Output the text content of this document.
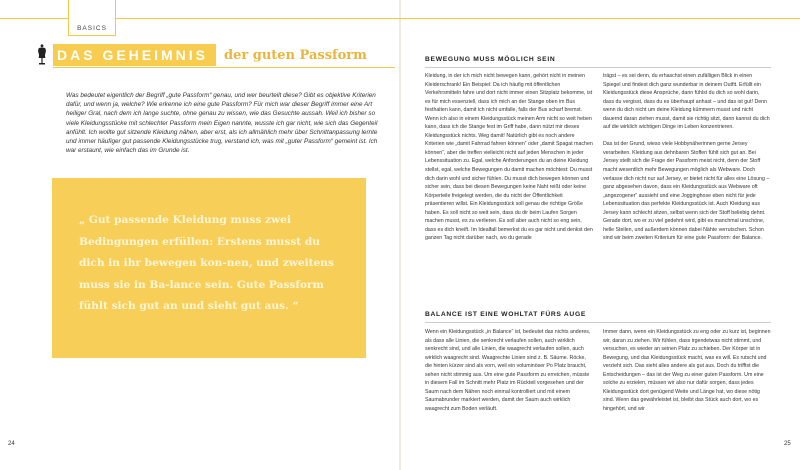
BASICS
DAS GEHEIMNIS	der guten Passform

Was bedeutet eigentlich der Begriff „gute Passform“ genau, und wer beurteilt diese? Gibt es objektive Kriterien dafür, und wenn ja, welche? Wie erkenne ich eine gute Passform? Für mich war dieser Begriff immer eine Art heiliger Gral, nach dem ich lange suchte, ohne genau zu wissen, wie das Gesuchte aussah. Weil ich bisher so viele Kleidungsstücke mit schlechter Passform mein Eigen nannte, wusste ich gar nicht, wie sich das Gegenteil anfühlt. Ich wollte gut sitzende Kleidung nähen, aber erst, als ich allmählich mehr über Schnittanpassung lernte und immer häufiger gut passende Kleidungsstücke trug, verstand ich, was mit „guter Passform“ gemeint ist. Ich war erstaunt, wie einfach das im Grunde ist.

„ Gut passende Kleidung muss zwei Bedingungen erfüllen: Erstens musst du dich in ihr bewegen kon-nen, und zweitens muss sie in Ba-lance sein. Gute Passform fühlt sich gut an und sieht gut aus. “

24	25
BEWEGUNG MUSS MÖGLICH SEIN

Kleidung, in der ich mich nicht bewegen kann, gehört nicht in meinen Kleiderschrank! Ein Beispiel: Da ich häufig mit öffentlichen Verkehrsmitteln fahre und dort nicht immer einen Sitzplatz bekomme, ist es für mich essenziell, dass ich mich an der Stange oben im Bus festhalten kann, damit ich nicht umfalle, falls der Bus scharf bremst. Wenn ich also in einem Kleidungsstück meinen Arm nicht so weit heben kann, dass ich die Stange fest im Griff habe, dann nützt mir dieses Kleidungsstück nichts. Weg damit! Natürlich gibt es noch andere Kriterien wie „damit Fahrrad fahren können“ oder „damit Spagat machen können“, aber die treffen vielleicht nicht auf jeden Menschen in jeder Lebenssituation zu. Egal, welche Anforderungen du an deine Kleidung stellst, egal, welche Bewegungen du damit machen möchtest: Du musst dich darin wohl und sicher fühlen. Du musst dich bewegen können und sicher sein, dass bei diesen Bewegungen keine Naht reißt oder keine Körperteile freigelegt werden, die du nicht der Öffentlichkeit präsentieren willst. Ein Kleidungsstück soll genau die richtige Größe haben. Es soll nicht so weit sein, dass du dir beim Laufen Sorgen machen musst, es zu verlieren. Es soll aber auch nicht so eng sein, dass es dich kneift. Im Idealfall bemerkst du es gar nicht und denkst den ganzen Tag nicht darüber nach, wo du gerade

trägst – es sei denn, du erhaschst einen zufälligen Blick in einen Spiegel und findest dich ganz wunderbar in deinem Outfit. Erfüllt ein Kleidungsstück diese Ansprüche, dann fühlst du dich so wohl darin, dass du vergisst, dass du es überhaupt anhast – und das ist gut! Denn wenn du dich nicht um deine Kleidung kümmern musst und nicht dauernd daran ziehen musst, damit sie richtig sitzt, dann kannst du dich auf die wirklich wichtigen Dinge im Leben konzentrieren.

Das ist der Grund, wieso viele Hobbynäherinnen gerne Jersey verarbeiten. Kleidung aus dehnbaren Stoffen fühlt sich gut an. Bei Jersey stellt sich die Frage der Passform meist nicht, denn der Stoff macht wesentlich mehr Bewegungen möglich als Webware. Doch verlasse dich nicht nur auf Jersey, er bietet nicht für alles eine Lösung – ganz abgesehen davon, dass ein Kleidungsstück aus Webware oft „angezogener“ aussieht und eine Jogginghose eben nicht für jede Lebenssituation das perfekte Kleidungsstück ist. Auch Kleidung aus Jersey kann schlecht sitzen, selbst wenn sich der Stoff beliebig dehnt. Gerade dort, wo er zu viel gedehnt wird, gibt es manchmal unschöne, helle Stellen, und außerdem können dabei Nähte verrutschen. Schon sind wir beim zweiten Kriterium für eine gute Passform: der Balance.

BALANCE IST EINE WOHLTAT FÜRS AUGE

Wenn ein Kleidungsstück „in Balance“ ist, bedeutet das nichts anderes, als dass alle Linien, die senkrecht verlaufen sollen, auch wirklich senkrecht sind, und alle Linien, die waagrecht verlaufen sollen, auch wirklich waagrecht sind. Waagrechte Linien sind z. B. Säume. Röcke, die hinten kürzer sind als vorn, weil ein voluminöser Po Platz braucht, sehen nicht stimmig aus. Um eine gute Passform zu erreichen, müsste in diesem Fall im Schnitt mehr Platz im Rückteil vorgesehen und der Saum nach dem Nähen noch einmal kontrolliert und mit einem Saumabrunder markiert werden, damit der Saum auch wirklich waagrecht zum Boden verläuft.

Immer dann, wenn ein Kleidungsstück zu eng oder zu kurz ist, beginnen wir, daran zu ziehen. Wir fühlen, dass irgendetwas nicht stimmt, und versuchen, es wieder an seinen Platz zu schieben. Der Körper ist in Bewegung, und das Kleidungsstück macht, was es will. Es rutscht und verzieht sich. Das sieht alles andere als gut aus. Doch du trifftst die Entscheidungen – das ist der Weg zu einer guten Passform. Um eine solche zu erzielen, müssen wir also nur dafür sorgen, dass jedes Kleidungsstück dort genügend Weite und Länge hat, wo diese nötig sind. Wenn das gewährleistet ist, bleibt das Stück auch dort, wo es hingehört, und wir
